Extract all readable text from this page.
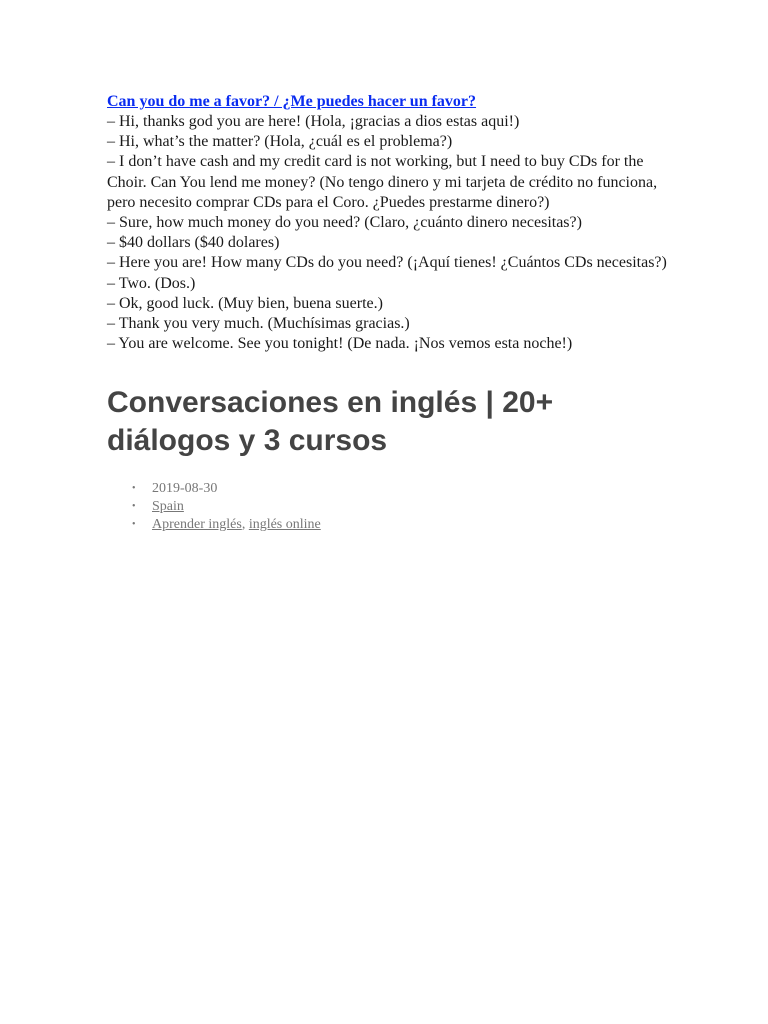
Can you do me a favor? / ¿Me puedes hacer un favor?
– Hi, thanks god you are here! (Hola, ¡gracias a dios estas aqui!)
– Hi, what’s the matter? (Hola, ¿cuál es el problema?)
– I don’t have cash and my credit card is not working, but I need to buy CDs for the Choir. Can You lend me money? (No tengo dinero y mi tarjeta de crédito no funciona, pero necesito comprar CDs para el Coro. ¿Puedes prestarme dinero?)
– Sure, how much money do you need? (Claro, ¿cuánto dinero necesitas?)
– $40 dollars ($40 dolares)
– Here you are! How many CDs do you need? (¡Aquí tienes! ¿Cuántos CDs necesitas?)
– Two. (Dos.)
– Ok, good luck. (Muy bien, buena suerte.)
– Thank you very much. (Muchísimas gracias.)
– You are welcome. See you tonight! (De nada. ¡Nos vemos esta noche!)
Conversaciones en inglés | 20+ diálogos y 3 cursos
• 2019-08-30
• Spain
• Aprender inglés, inglés online
